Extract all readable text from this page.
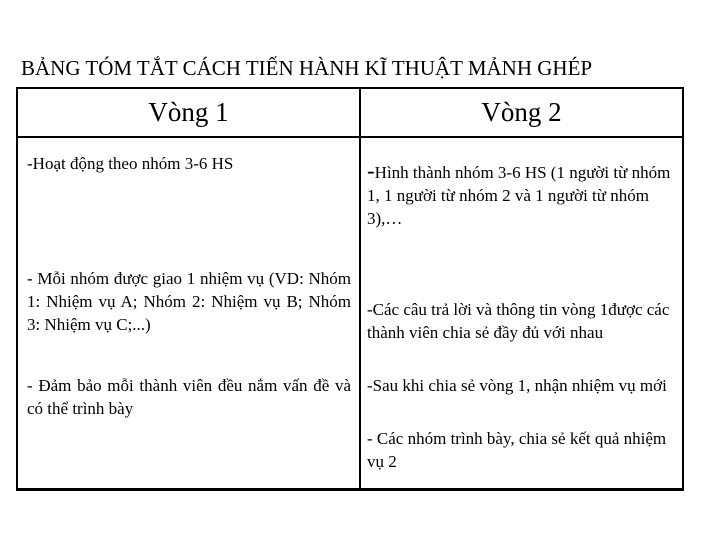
BẢNG TÓM TẮT CÁCH TIẾN HÀNH KĨ THUẬT MẢNH GHÉP
Vòng 1	Vòng 2
-Hoạt động theo nhóm 3-6 HS
- Mỗi nhóm được giao 1 nhiệm vụ (VD: Nhóm 1: Nhiệm vụ A; Nhóm 2: Nhiệm vụ B; Nhóm 3: Nhiệm vụ C;...)
- Đảm bảo mỗi thành viên đều nắm vấn đề và có thể trình bày
-Hình thành nhóm 3-6 HS (1 người từ nhóm 1, 1 người từ nhóm 2 và 1 người từ nhóm 3),…
-Các câu trả lời và thông tin vòng 1được các thành viên chia sẻ đầy đủ với nhau
-Sau khi chia sẻ vòng 1, nhận nhiệm vụ mới
- Các nhóm trình bày, chia sẻ kết quả nhiệm vụ 2
